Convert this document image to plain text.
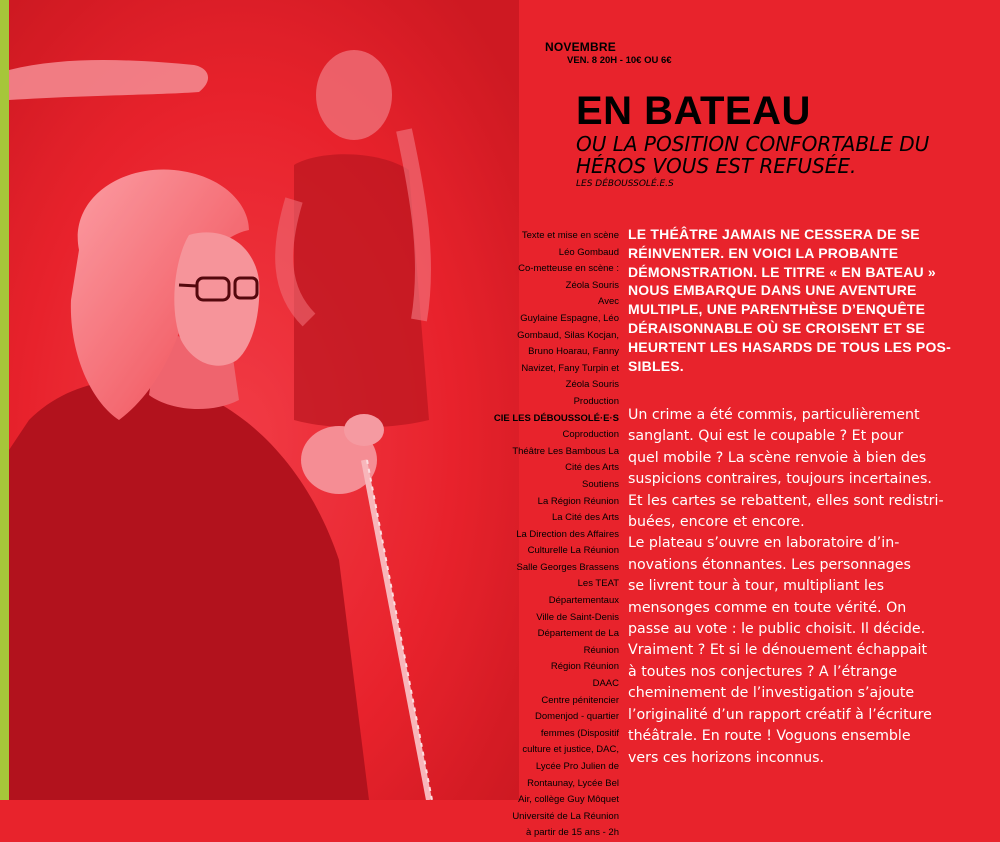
NOVEMBRE
VEN. 8 20H - 10€ OU 6€
EN BATEAU
OU LA POSITION CONFORTABLE DU
HÉROS VOUS EST REFUSÉE.
LES DÉBOUSSOLÉ.E.S
Texte et mise en scène
Léo Gombaud
Co-metteuse en scène :
Zéola Souris
Avec
Guylaine Espagne, Léo
Gombaud, Silas Kocjan,
Bruno Hoarau, Fanny
Navizet, Fany Turpin et
Zéola Souris
Production
CIE LES DÉBOUSSOLÉ·E·S
Coproduction
Théâtre Les Bambous La
Cité des Arts
Soutiens
La Région Réunion
La Cité des Arts
La Direction des Affaires
Culturelle La Réunion
Salle Georges Brassens
Les TEAT
Départementaux
Ville de Saint-Denis
Département de La
Réunion
Région Réunion
DAAC
Centre pénitencier
Domenjod - quartier
femmes (Dispositif
culture et justice, DAC,
Lycée Pro Julien de
Rontaunay, Lycée Bel
Air, collège Guy Môquet
Université de La Réunion
à partir de 15 ans - 2h
LE THÉÂTRE JAMAIS NE CESSERA DE SE
RÉINVENTER. EN VOICI LA PROBANTE
DÉMONSTRATION. LE TITRE « EN BATEAU »
NOUS EMBARQUE DANS UNE AVENTURE
MULTIPLE, UNE PARENTHÈSE D’ENQUÊTE
DÉRAISONNABLE OÙ SE CROISENT ET SE
HEURTENT LES HASARDS DE TOUS LES POS-
SIBLES.
Un crime a été commis, particulièrement
sanglant. Qui est le coupable ? Et pour
quel mobile ? La scène renvoie à bien des
suspicions contraires, toujours incertaines.
Et les cartes se rebattent, elles sont redistri-
buées, encore et encore.
Le plateau s’ouvre en laboratoire d’in-
novations étonnantes. Les personnages
se livrent tour à tour, multipliant les
mensonges comme en toute vérité. On
passe au vote : le public choisit. Il décide.
Vraiment ? Et si le dénouement échappait
à toutes nos conjectures ? A l’étrange
cheminement de l’investigation s’ajoute
l’originalité d’un rapport créatif à l’écriture
théâtrale. En route ! Voguons ensemble
vers ces horizons inconnus.
